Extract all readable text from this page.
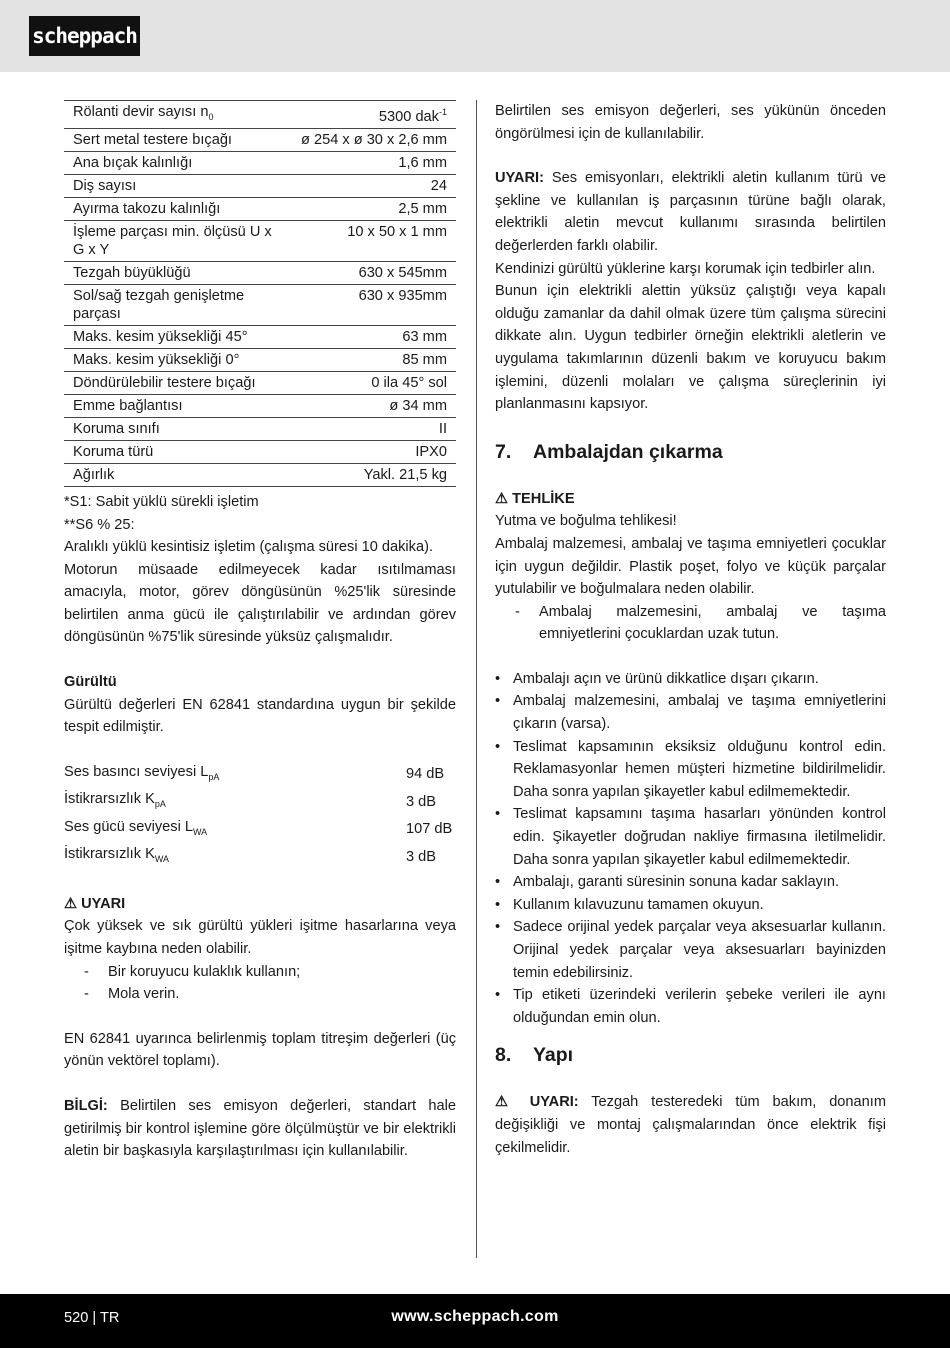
scheppach
Rölanti devir sayısı $n_0$	5300 dak$^{-1}$
Sert metal testere bıçağı	ø 254 x ø 30 x 2,6 mm
Ana bıçak kalınlığı	1,6 mm
Diş sayısı	24
Ayırma takozu kalınlığı	2,5 mm
İşleme parçası min. ölçüsü U x G x Y	10 x 50 x 1 mm
Tezgah büyüklüğü	630 x 545mm
Sol/sağ tezgah genişletme parçası	630 x 935mm
Maks. kesim yüksekliği 45°	63 mm
Maks. kesim yüksekliği 0°	85 mm
Döndürülebilir testere bıçağı	0 ila 45° sol
Emme bağlantısı	ø 34 mm
Koruma sınıfı	II
Koruma türü	IPX0
Ağırlık	Yakl. 21,5 kg

*S1: Sabit yüklü sürekli işletim

**S6 % 25:

Aralıklı yüklü kesintisiz işletim (çalışma süresi 10 dakika).

Motorun müsaade edilmeyecek kadar ısıtılmaması amacıyla, motor, görev döngüsünün %25'lik süresinde belirtilen anma gücü ile çalıştırılabilir ve ardından görev döngüsünün %75'lik süresinde yüksüz çalışmalıdır.

Gürültü

Gürültü değerleri EN 62841 standardına uygun bir şekilde tespit edilmiştir.

Ses basıncı seviyesi $L_{pA}$	94 dB
İstikrarsızlık $K_{pA}$	3 dB
Ses gücü seviyesi $L_{WA}$	107 dB
İstikrarsızlık $K_{WA}$	3 dB

⚠ UYARI

Çok yüksek ve sık gürültü yükleri işitme hasarlarına veya işitme kaybına neden olabilir.

- Bir koruyucu kulaklık kullanın;
- Mola verin.

EN 62841 uyarınca belirlenmiş toplam titreşim değerleri (üç yönün vektörel toplamı).

BİLGİ: Belirtilen ses emisyon değerleri, standart hale getirilmiş bir kontrol işlemine göre ölçülmüştür ve bir elektrikli aletin bir başkasıyla karşılaştırılması için kullanılabilir.

Belirtilen ses emisyon değerleri, ses yükünün önceden öngörülmesi için de kullanılabilir.

UYARI: Ses emisyonları, elektrikli aletin kullanım türü ve şekline ve kullanılan iş parçasının türüne bağlı olarak, elektrikli aletin mevcut kullanımı sırasında belirtilen değerlerden farklı olabilir.

Kendinizi gürültü yüklerine karşı korumak için tedbirler alın.

Bunun için elektrikli alettin yüksüz çalıştığı veya kapalı olduğu zamanlar da dahil olmak üzere tüm çalışma sürecini dikkate alın. Uygun tedbirler örneğin elektrikli aletlerin ve uygulama takımlarının düzenli bakım ve koruyucu bakım işlemini, düzenli molaları ve çalışma süreçlerinin iyi planlanmasını kapsıyor.

7. Ambalajdan çıkarma

⚠ TEHLİKE

Yutma ve boğulma tehlikesi!

Ambalaj malzemesi, ambalaj ve taşıma emniyetleri çocuklar için uygun değildir. Plastik poşet, folyo ve küçük parçalar yutulabilir ve boğulmalara neden olabilir.

- Ambalaj malzemesini, ambalaj ve taşıma emniyetlerini çocuklardan uzak tutun.
• Ambalajı açın ve ürünü dikkatlice dışarı çıkarın.
• Ambalaj malzemesini, ambalaj ve taşıma emniyetlerini çıkarın (varsa).
• Teslimat kapsamının eksiksiz olduğunu kontrol edin. Reklamasyonlar hemen müşteri hizmetine bildirilmelidir. Daha sonra yapılan şikayetler kabul edilmemektedir.
• Teslimat kapsamını taşıma hasarları yönünden kontrol edin. Şikayetler doğrudan nakliye firmasına iletilmelidir. Daha sonra yapılan şikayetler kabul edilmemektedir.
• Ambalajı, garanti süresinin sonuna kadar saklayın.
• Kullanım kılavuzunu tamamen okuyun.
• Sadece orijinal yedek parçalar veya aksesuarlar kullanın. Orijinal yedek parçalar veya aksesuarları bayinizden temin edebilirsiniz.
• Tip etiketi üzerindeki verilerin şebeke verileri ile aynı olduğundan emin olun.
8. Yapı

⚠ UYARI: Tezgah testeredeki tüm bakım, donanım değişikliği ve montaj çalışmalarından önce elektrik fişi çekilmelidir.

520 | TR	www.scheppach.com
